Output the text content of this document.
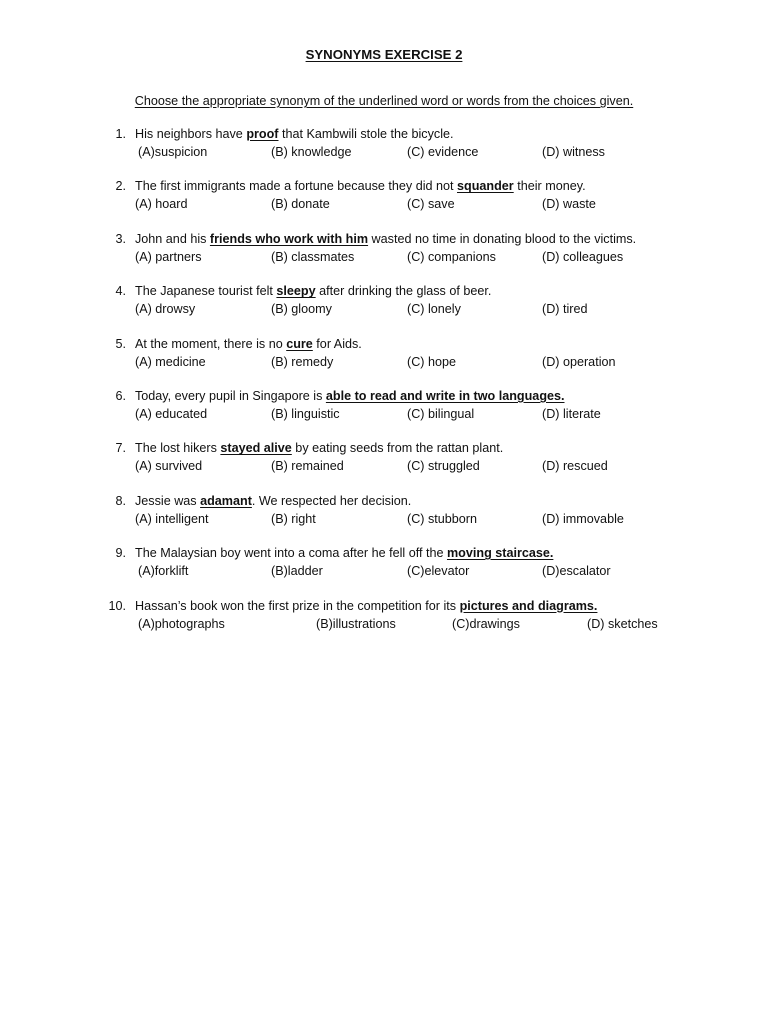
SYNONYMS EXERCISE 2
Choose the appropriate synonym of the underlined word or words from the choices given.
1. His neighbors have proof that Kambwili stole the bicycle.
(A)suspicion	(B) knowledge	(C) evidence	(D) witness
2. The first immigrants made a fortune because they did not squander their money.
(A) hoard	(B) donate	(C) save	(D) waste
3. John and his friends who work with him wasted no time in donating blood to the victims.
(A) partners	(B) classmates	(C) companions	(D) colleagues
4. The Japanese tourist felt sleepy after drinking the glass of beer.
(A) drowsy	(B) gloomy	(C) lonely	(D) tired
5. At the moment, there is no cure for Aids.
(A) medicine	(B) remedy	(C) hope	(D) operation
6. Today, every pupil in Singapore is able to read and write in two languages.
(A) educated	(B) linguistic	(C) bilingual	(D) literate
7. The lost hikers stayed alive by eating seeds from the rattan plant.
(A) survived	(B) remained	(C) struggled	(D) rescued
8. Jessie was adamant. We respected her decision.
(A) intelligent	(B) right	(C) stubborn	(D) immovable
9. The Malaysian boy went into a coma after he fell off the moving staircase.
(A)forklift	(B)ladder	(C)elevator	(D)escalator
10. Hassan’s book won the first prize in the competition for its pictures and diagrams.
(A)photographs	(B)illustrations	(C)drawings	(D) sketches
